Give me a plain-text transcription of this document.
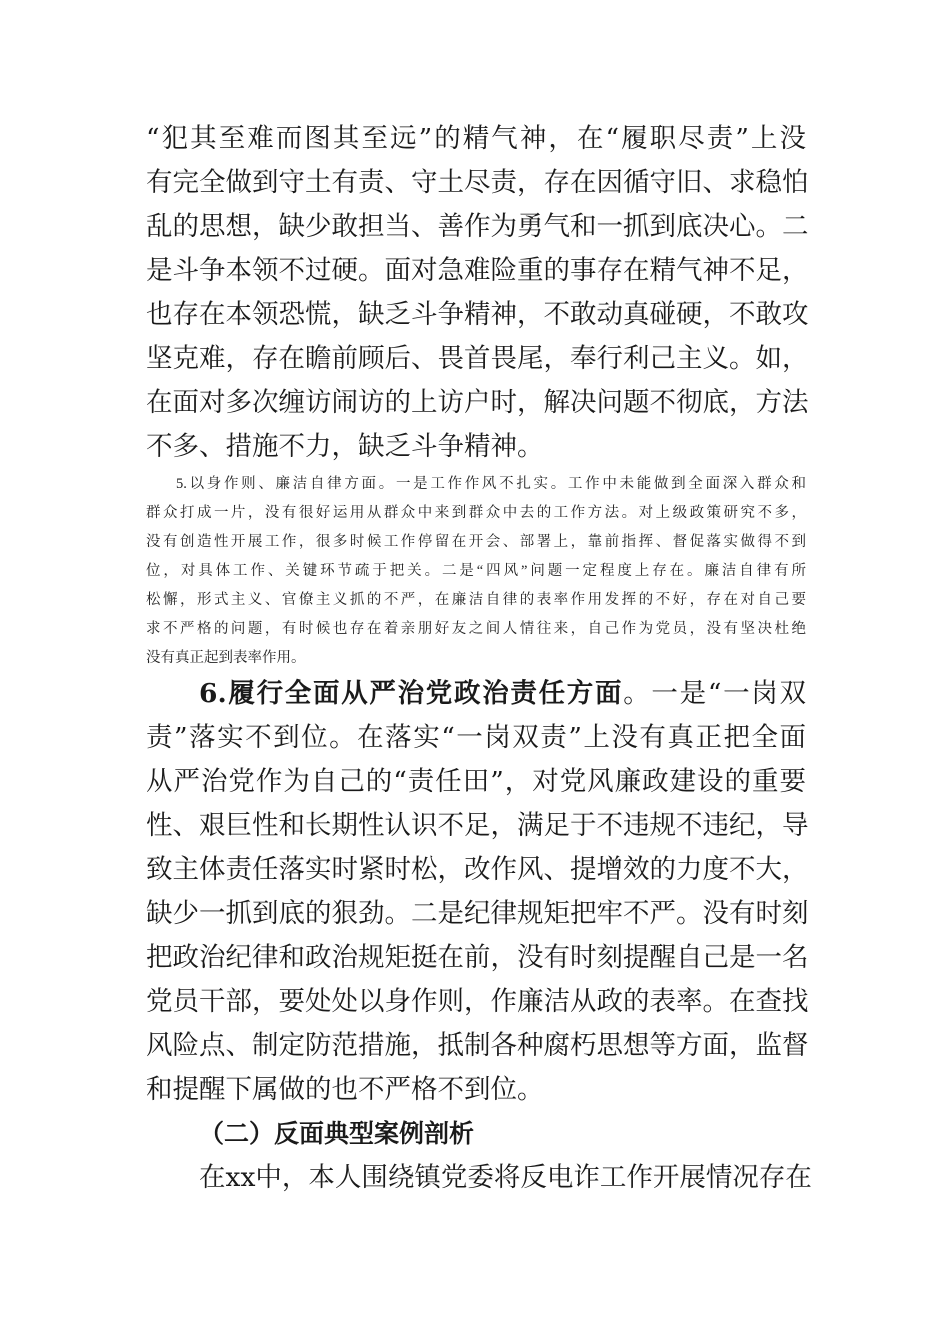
“犯其至难而图其至远”的精气神，在“履职尽责”上没
有完全做到守土有责、守土尽责，存在因循守旧、求稳怕
乱的思想，缺少敢担当、善作为勇气和一抓到底决心。二
是斗争本领不过硬。面对急难险重的事存在精气神不足，
也存在本领恐慌，缺乏斗争精神，不敢动真碰硬，不敢攻
坚克难，存在瞻前顾后、畏首畏尾，奉行利己主义。如，
在面对多次缠访闹访的上访户时，解决问题不彻底，方法
不多、措施不力，缺乏斗争精神。
5.以身作则、廉洁自律方面。一是工作作风不扎实。工作中未能做到全面深入群众和
群众打成一片，没有很好运用从群众中来到群众中去的工作方法。对上级政策研究不多，
没有创造性开展工作，很多时候工作停留在开会、部署上，靠前指挥、督促落实做得不到
位，对具体工作、关键环节疏于把关。二是“四风”问题一定程度上存在。廉洁自律有所
松懈，形式主义、官僚主义抓的不严，在廉洁自律的表率作用发挥的不好，存在对自己要
求不严格的问题，有时候也存在着亲朋好友之间人情往来，自己作为党员，没有坚决杜绝
没有真正起到表率作用。
6.履行全面从严治党政治责任方面。一是“一岗双
责”落实不到位。在落实“一岗双责”上没有真正把全面
从严治党作为自己的“责任田”，对党风廉政建设的重要
性、艰巨性和长期性认识不足，满足于不违规不违纪，导
致主体责任落实时紧时松，改作风、提增效的力度不大，
缺少一抓到底的狠劲。二是纪律规矩把牢不严。没有时刻
把政治纪律和政治规矩挺在前，没有时刻提醒自己是一名
党员干部，要处处以身作则，作廉洁从政的表率。在查找
风险点、制定防范措施，抵制各种腐朽思想等方面，监督
和提醒下属做的也不严格不到位。
（二）反面典型案例剖析
在xx中，本人围绕镇党委将反电诈工作开展情况存在
